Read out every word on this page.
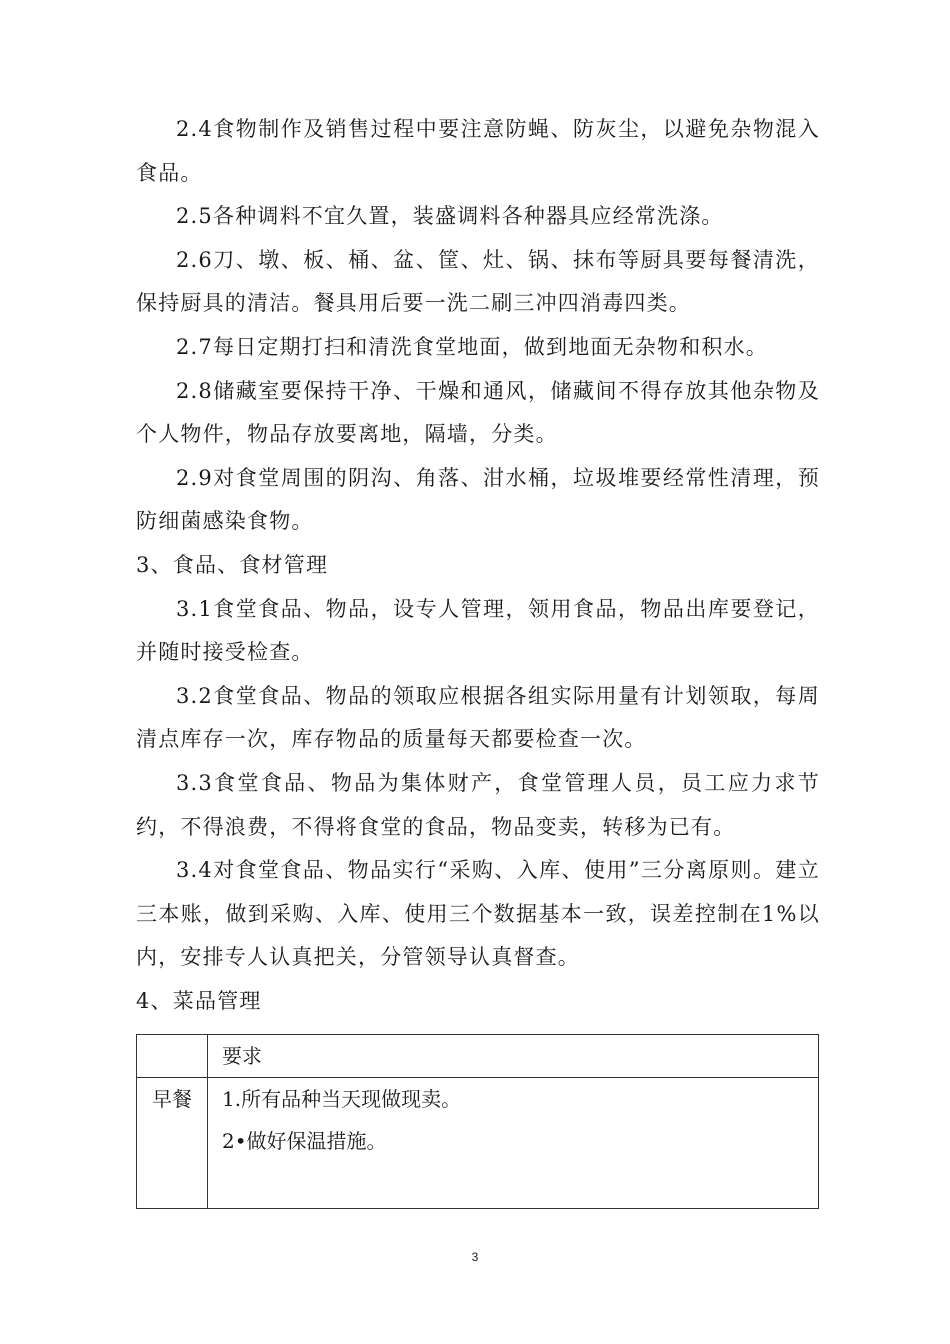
2.4食物制作及销售过程中要注意防蝇、防灰尘，以避免杂物混入食品。

2.5各种调料不宜久置，装盛调料各种器具应经常洗涤。

2.6刀、墩、板、桶、盆、筐、灶、锅、抹布等厨具要每餐清洗，保持厨具的清洁。餐具用后要一洗二刷三冲四消毒四类。

2.7每日定期打扫和清洗食堂地面，做到地面无杂物和积水。

2.8储藏室要保持干净、干燥和通风，储藏间不得存放其他杂物及个人物件，物品存放要离地，隔墙，分类。

2.9对食堂周围的阴沟、角落、泔水桶，垃圾堆要经常性清理，预防细菌感染食物。

3、食品、食材管理

3.1食堂食品、物品，设专人管理，领用食品，物品出库要登记，并随时接受检查。

3.2食堂食品、物品的领取应根据各组实际用量有计划领取，每周清点库存一次，库存物品的质量每天都要检查一次。

3.3食堂食品、物品为集体财产，食堂管理人员，员工应力求节约，不得浪费，不得将食堂的食品，物品变卖，转移为已有。

3.4对食堂食品、物品实行“采购、入库、使用”三分离原则。建立三本账，做到采购、入库、使用三个数据基本一致，误差控制在1%以内，安排专人认真把关，分管领导认真督查。

4、菜品管理

	要求

早餐	1.所有品种当天现做现卖。
2•做好保温措施。
3
